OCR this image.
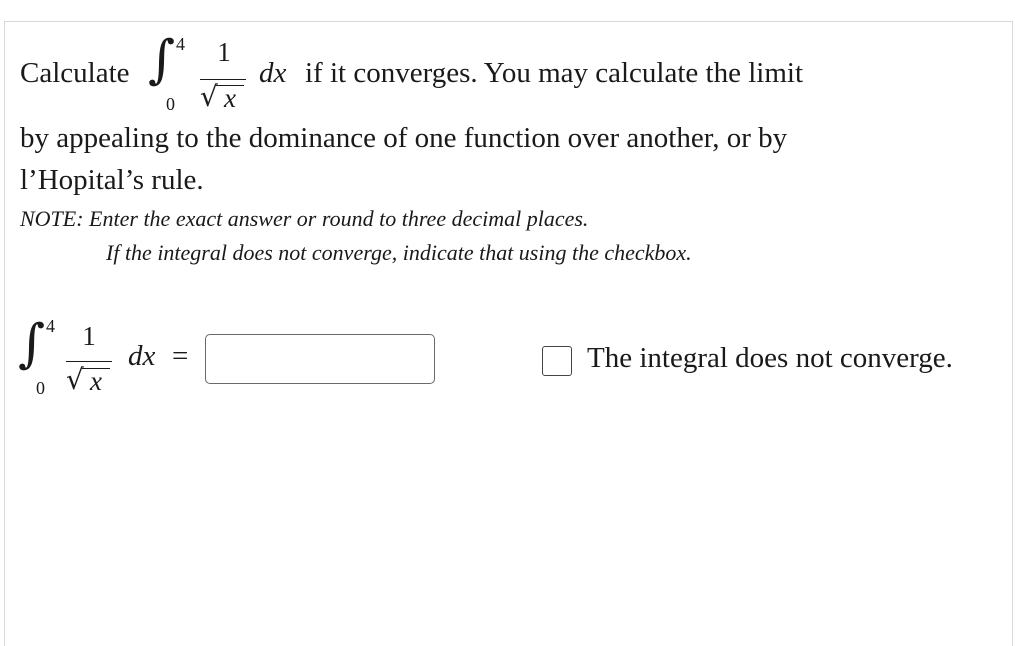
Calculate ∫ 4
0
1
√ x
dx if it converges. You may calculate the limit
by appealing to the dominance of one function over another, or by
l’Hopital’s rule.
NOTE: Enter the exact answer or round to three decimal places.
If the integral does not converge, indicate that using the checkbox.
∫ 4
0
1
√ x
dx =	The integral does not converge.
